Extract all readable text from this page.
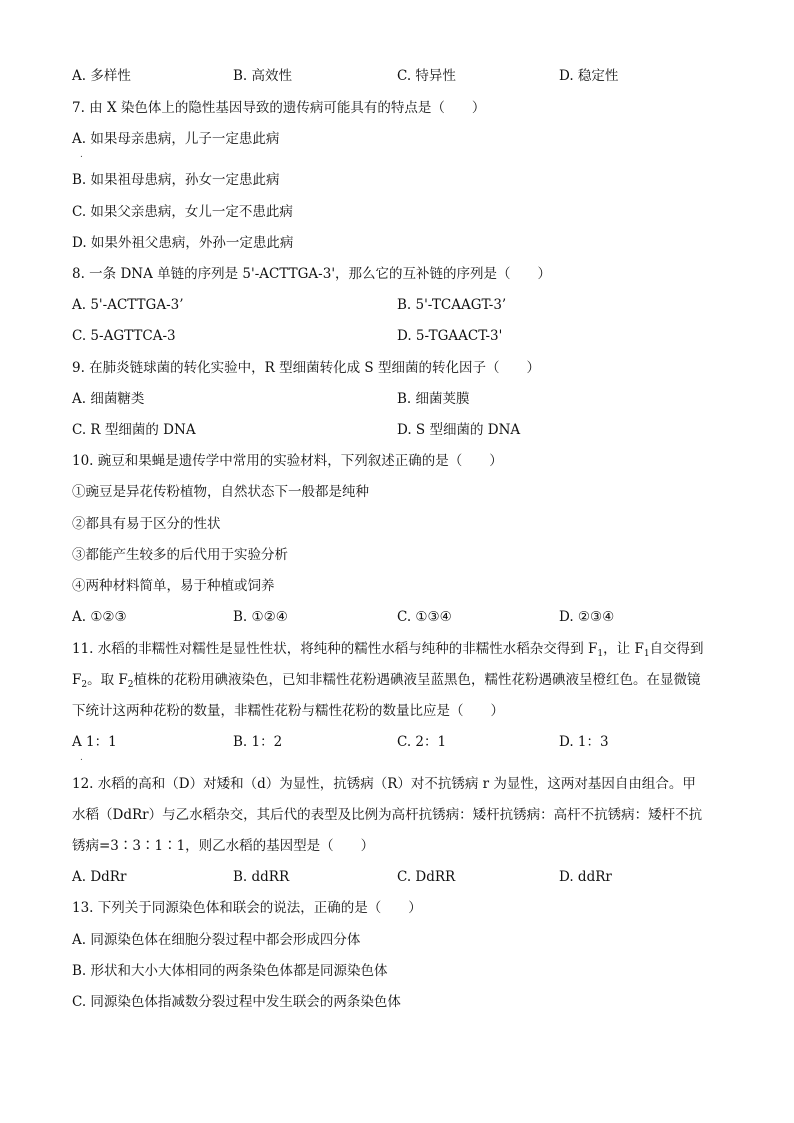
A. 多样性	B. 高效性	C. 特异性	D. 稳定性
7. 由 X 染色体上的隐性基因导致的遗传病可能具有的特点是（　　）
A. 如果母亲患病，儿子一定患此病
.
B. 如果祖母患病，孙女一定患此病
C. 如果父亲患病，女儿一定不患此病
D. 如果外祖父患病，外孙一定患此病
8. 一条 DNA 单链的序列是 5'-ACTTGA-3'，那么它的互补链的序列是（　　）
A. 5'-ACTTGA-3’	B. 5'-TCAAGT-3’
C. 5-AGTTCA-3	D. 5-TGAACT-3'
9. 在肺炎链球菌的转化实验中，R 型细菌转化成 S 型细菌的转化因子（　　）
A. 细菌糖类	B. 细菌荚膜
C. R 型细菌的 DNA	D. S 型细菌的 DNA
10. 豌豆和果蝇是遗传学中常用的实验材料，下列叙述正确的是（　　）
①豌豆是异花传粉植物，自然状态下一般都是纯种
②都具有易于区分的性状
③都能产生较多的后代用于实验分析
④两种材料简单，易于种植或饲养
A. ①②③	B. ①②④	C. ①③④	D. ②③④
11. 水稻的非糯性对糯性是显性性状，将纯种的糯性水稻与纯种的非糯性水稻杂交得到 $F_1$，让 $F_1$自交得到
$F_2$。取 $F_2$植株的花粉用碘液染色，已知非糯性花粉遇碘液呈蓝黑色，糯性花粉遇碘液呈橙红色。在显微镜
下统计这两种花粉的数量，非糯性花粉与糯性花粉的数量比应是（　　）
A 1：1	B. 1：2	C. 2：1	D. 1：3
.
12. 水稻的高和（D）对矮和（d）为显性，抗锈病（R）对不抗锈病 r 为显性，这两对基因自由组合。甲
水稻（DdRr）与乙水稻杂交，其后代的表型及比例为高杆抗锈病：矮杆抗锈病：高杆不抗锈病：矮杆不抗
锈病=3∶3∶1∶1，则乙水稻的基因型是（　　）
A. DdRr	B. ddRR	C. DdRR	D. ddRr
13. 下列关于同源染色体和联会的说法，正确的是（　　）
A. 同源染色体在细胞分裂过程中都会形成四分体
B. 形状和大小大体相同的两条染色体都是同源染色体
C. 同源染色体指减数分裂过程中发生联会的两条染色体
